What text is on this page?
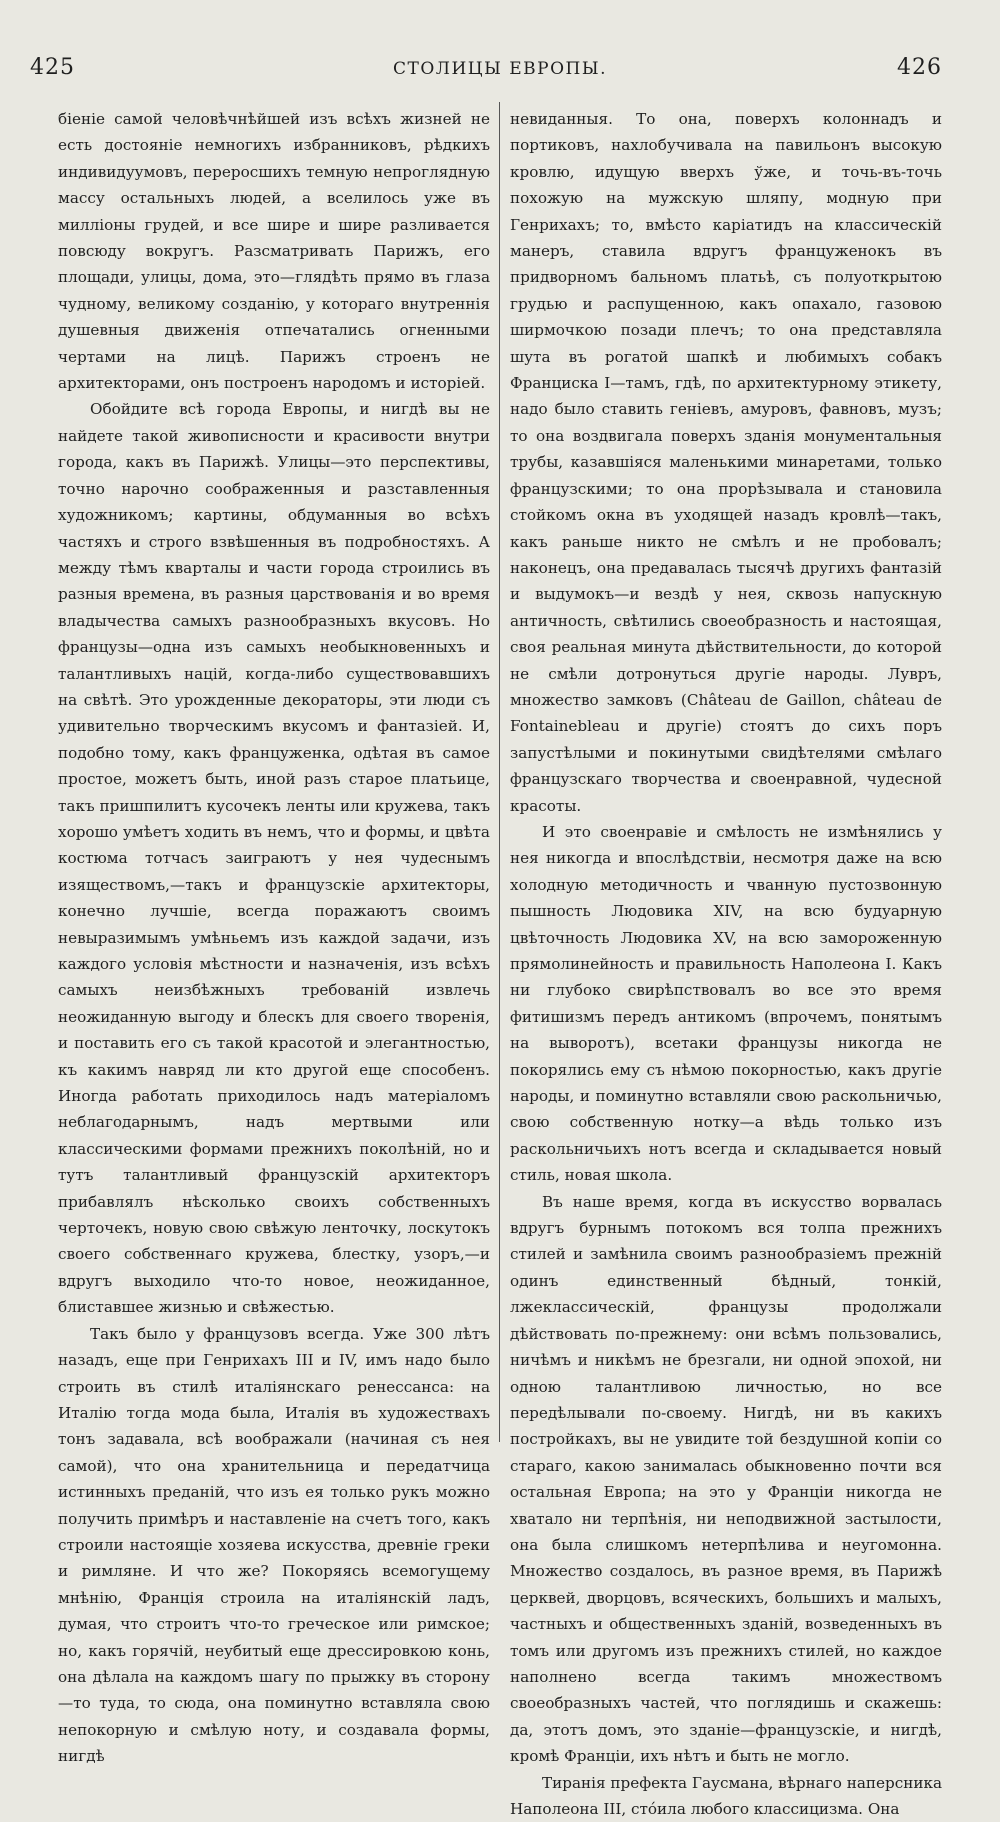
425	СТОЛИЦЫ ЕВРОПЫ.	426

біеніе самой человѣчнѣйшей изъ всѣхъ жизней не есть достояніе немногихъ избранниковъ, рѣдкихъ индивидуумовъ, переросшихъ темную непроглядную массу остальныхъ людей, а вселилось уже въ милліоны грудей, и все шире и шире разливается повсюду вокругъ. Разсматривать Парижъ, его площади, улицы, дома, это—глядѣть прямо въ глаза чудному, великому созданію, у котораго внутреннія душевныя движенія отпечатались огненными чертами на лицѣ. Парижъ строенъ не архитекторами, онъ построенъ народомъ и исторіей.

Обойдите всѣ города Европы, и нигдѣ вы не найдете такой живописности и красивости внутри города, какъ въ Парижѣ. Улицы—это перспективы, точно нарочно соображенныя и разставленныя художникомъ; картины, обдуманныя во всѣхъ частяхъ и строго взвѣшенныя въ подробностяхъ. А между тѣмъ кварталы и части города строились въ разныя времена, въ разныя царствованія и во время владычества самыхъ разнообразныхъ вкусовъ. Но французы—одна изъ самыхъ необыкновенныхъ и талантливыхъ націй, когда-либо существовавшихъ на свѣтѣ. Это урожденные декораторы, эти люди съ удивительно творческимъ вкусомъ и фантазіей. И, подобно тому, какъ француженка, одѣтая въ самое простое, можетъ быть, иной разъ старое платьице, такъ пришпилитъ кусочекъ ленты или кружева, такъ хорошо умѣетъ ходить въ немъ, что и формы, и цвѣта костюма тотчасъ заиграютъ у нея чудеснымъ изяществомъ,—такъ и французскіе архитекторы, конечно лучшіе, всегда поражаютъ своимъ невыразимымъ умѣньемъ изъ каждой задачи, изъ каждого условія мѣстности и назначенія, изъ всѣхъ самыхъ неизбѣжныхъ требованій извлечь неожиданную выгоду и блескъ для своего творенія, и поставить его съ такой красотой и элегантностью, къ какимъ навряд ли кто другой еще способенъ. Иногда работать приходилось надъ матеріаломъ неблагодарнымъ, надъ мертвыми или классическими формами прежнихъ поколѣній, но и тутъ талантливый французскій архитекторъ прибавлялъ нѣсколько своихъ собственныхъ черточекъ, новую свою свѣжую ленточку, лоскутокъ своего собственнаго кружева, блестку, узоръ,—и вдругъ выходило что-то новое, неожиданное, блиставшее жизнью и свѣжестью.

Такъ было у французовъ всегда. Уже 300 лѣтъ назадъ, еще при Генрихахъ III и IV, имъ надо было строить въ стилѣ италіянскаго ренессанса: на Италію тогда мода была, Италія въ художествахъ тонъ задавала, всѣ воображали (начиная съ нея самой), что она хранительница и передатчица истинныхъ преданій, что изъ ея только рукъ можно получить примѣръ и наставленіе на счетъ того, какъ строили настоящіе хозяева искусства, древніе греки и римляне. И что же? Покоряясь всемогущему мнѣнію, Франція строила на италіянскій ладъ, думая, что строитъ что-то греческое или римское; но, какъ горячій, неубитый еще дрессировкою конь, она дѣлала на каждомъ шагу по прыжку въ сторону—то туда, то сюда, она поминутно вставляла свою непокорную и смѣлую ноту, и создавала формы, нигдѣ

невиданныя. То она, поверхъ колоннадъ и портиковъ, нахлобучивала на павильонъ высокую кровлю, идущую вверхъ ўже, и точь-въ-точь похожую на мужскую шляпу, модную при Генрихахъ; то, вмѣсто каріатидъ на классическій манеръ, ставила вдругъ француженокъ въ придворномъ бальномъ платьѣ, съ полуоткрытою грудью и распущенною, какъ опахало, газовою ширмочкою позади плечъ; то она представляла шута въ рогатой шапкѣ и любимыхъ собакъ Франциска I—тамъ, гдѣ, по архитектурному этикету, надо было ставить геніевъ, амуровъ, фавновъ, музъ; то она воздвигала поверхъ зданія монументальныя трубы, казавшіяся маленькими минаретами, только французскими; то она прорѣзывала и становила стойкомъ окна въ уходящей назадъ кровлѣ—такъ, какъ раньше никто не смѣлъ и не пробовалъ; наконецъ, она предавалась тысячѣ другихъ фантазій и выдумокъ—и вездѣ у нея, сквозь напускную античность, свѣтились своеобразность и настоящая, своя реальная минута дѣйствительности, до которой не смѣли дотронуться другіе народы. Лувръ, множество замковъ (Château de Gaillon, château de Fontainebleau и другіе) стоятъ до сихъ поръ запустѣлыми и покинутыми свидѣтелями смѣлаго французскаго творчества и своенравной, чудесной красоты.

И это своенравіе и смѣлость не измѣнялись у нея никогда и впослѣдствіи, несмотря даже на всю холодную методичность и чванную пустозвонную пышность Людовика XIV, на всю будуарную цвѣточность Людовика XV, на всю замороженную прямолинейность и правильность Наполеона I. Какъ ни глубоко свирѣпствовалъ во все это время фитишизмъ передъ антикомъ (впрочемъ, понятымъ на выворотъ), всетаки французы никогда не покорялись ему съ нѣмою покорностью, какъ другіе народы, и поминутно вставляли свою раскольничью, свою собственную нотку—а вѣдь только изъ раскольничьихъ нотъ всегда и складывается новый стиль, новая школа.

Въ наше время, когда въ искусство ворвалась вдругъ бурнымъ потокомъ вся толпа прежнихъ стилей и замѣнила своимъ разнообразіемъ прежній одинъ единственный бѣдный, тонкій, лжеклассическій, французы продолжали дѣйствовать по-прежнему: они всѣмъ пользовались, ничѣмъ и никѣмъ не брезгали, ни одной эпохой, ни одною талантливою личностью, но все передѣлывали по-своему. Нигдѣ, ни въ какихъ постройкахъ, вы не увидите той бездушной копіи со стараго, какою занималась обыкновенно почти вся остальная Европа; на это у Франціи никогда не хватало ни терпѣнія, ни неподвижной застылости, она была слишкомъ нетерпѣлива и неугомонна. Множество создалось, въ разное время, въ Парижѣ церквей, дворцовъ, всяческихъ, большихъ и малыхъ, частныхъ и общественныхъ зданій, возведенныхъ въ томъ или другомъ изъ прежнихъ стилей, но каждое наполнено всегда такимъ множествомъ своеобразныхъ частей, что поглядишь и скажешь: да, этотъ домъ, это зданіе—французскіе, и нигдѣ, кромѣ Франціи, ихъ нѣтъ и быть не могло.

Тиранія префекта Гаусмана, вѣрнаго наперсника Наполеона III, стóила любого классицизма. Она
